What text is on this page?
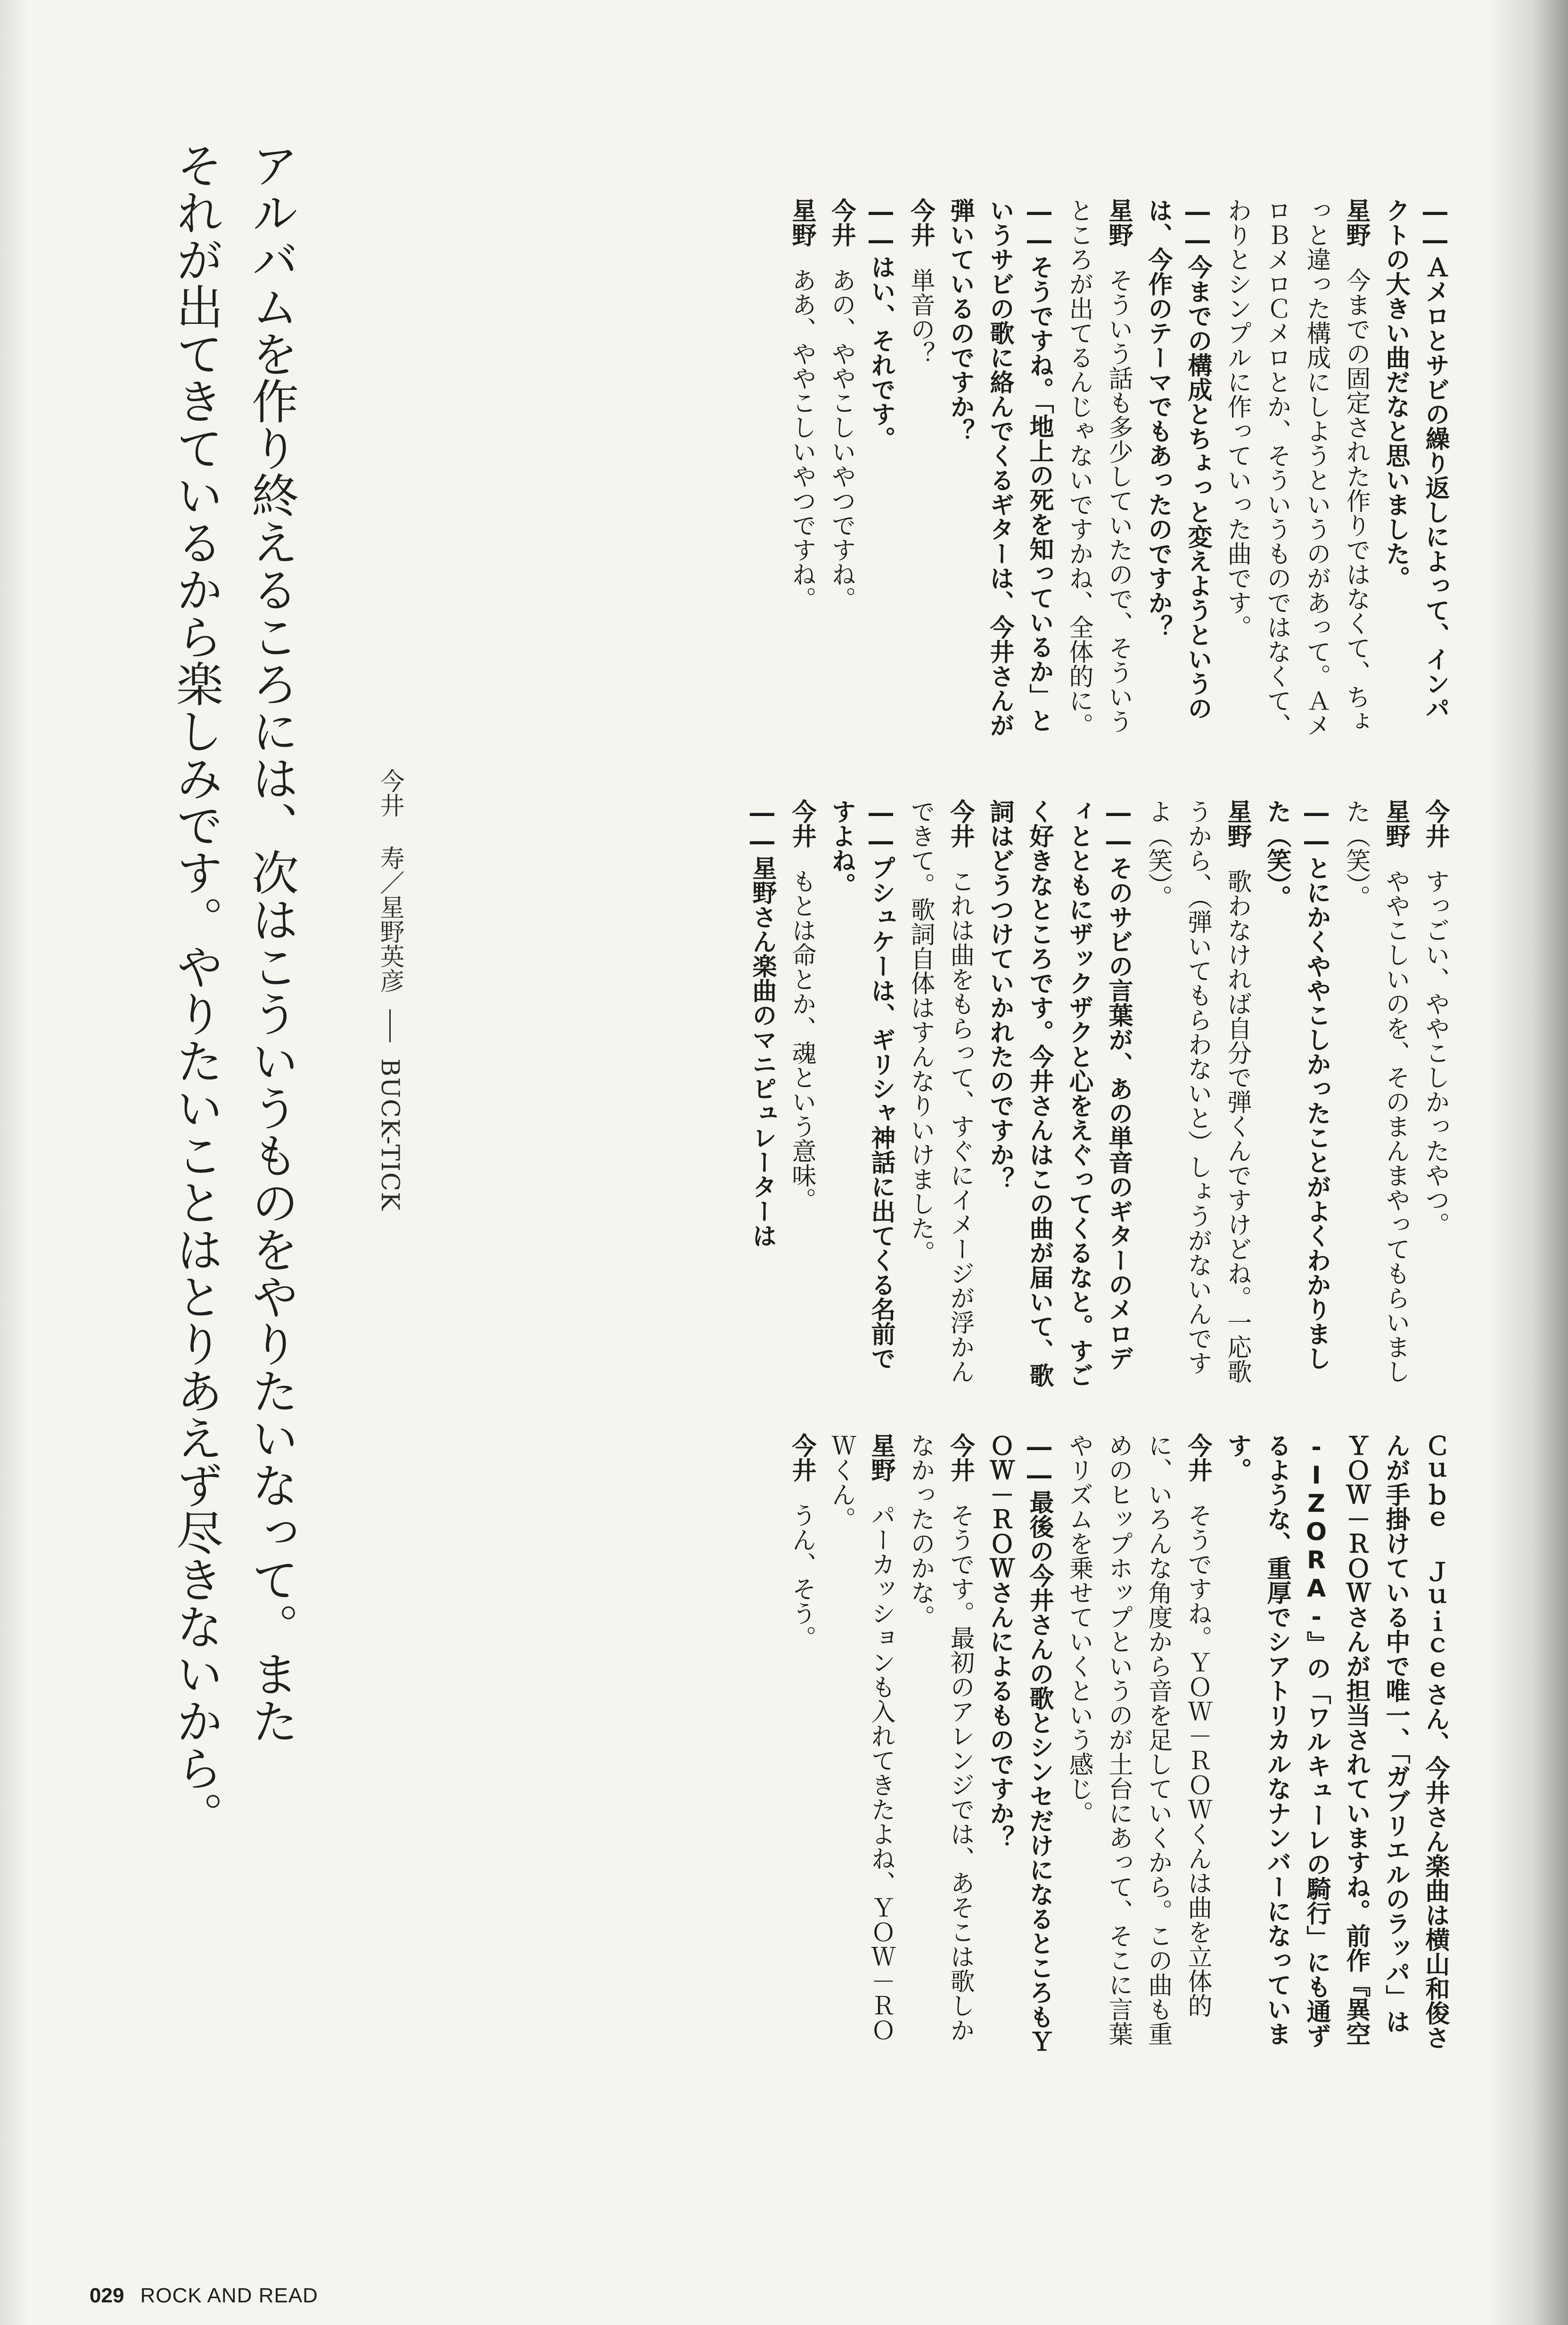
――Ａメロとサビの繰り返しによって、インパクトの大きい曲だなと思いました。
星野今までの固定された作りではなくて、ちょっと違った構成にしようというのがあって。ＡメロＢメロＣメロとか、そういうものではなくて、わりとシンプルに作っていった曲です。
――今までの構成とちょっと変えようというのは、今作のテーマでもあったのですか？
星野そういう話も多少していたので、そういうところが出てるんじゃないですかね、全体的に。
――そうですね。「地上の死を知っているか」というサビの歌に絡んでくるギターは、今井さんが弾いているのですか？
今井単音の？
――はい、それです。
今井あの、ややこしいやつですね。
星野ああ、ややこしいやつですね。
今井すっごい、ややこしかったやつ。
星野ややこしいのを、そのまんまやってもらいました（笑）。
――とにかくややこしかったことがよくわかりました（笑）。
星野歌わなければ自分で弾くんですけどね。一応歌うから、（弾いてもらわないと）しょうがないんですよ（笑）。
――そのサビの言葉が、あの単音のギターのメロディとともにザックザクと心をえぐってくるなと。すごく好きなところです。今井さんはこの曲が届いて、歌詞はどうつけていかれたのですか？
今井これは曲をもらって、すぐにイメージが浮かんできて。歌詞自体はすんなりいけました。
――プシュケーは、ギリシャ神話に出てくる名前ですよね。
今井もとは命とか、魂という意味。
――星野さん楽曲のマニピュレーターは
Ｃｕｂｅ Ｊｕｉｃｅさん、今井さん楽曲は横山和俊さんが手掛けている中で唯一、「ガブリエルのラッパ」はＹＯＷ－ＲＯＷさんが担当されていますね。前作『異空 -IZORA-』の「ワルキューレの騎行」にも通ずるような、重厚でシアトリカルなナンバーになっています。
今井そうですね。ＹＯＷ－ＲＯＷくんは曲を立体的に、いろんな角度から音を足していくから。この曲も重めのヒップホップというのが土台にあって、そこに言葉やリズムを乗せていくという感じ。
――最後の今井さんの歌とシンセだけになるところもＹＯＷ－ＲＯＷさんによるものですか？
今井そうです。最初のアレンジでは、あそこは歌しかなかったのかな。
星野パーカッションも入れてきたよね、ＹＯＷ－ＲＯＷくん。
今井うん、そう。
アルバムを作り終えるころには、次はこういうものをやりたいなって。また
それが出てきているから楽しみです。やりたいことはとりあえず尽きないから。	今井 寿／星野英彦  BUCK-TICK
029 ROCK AND READ
